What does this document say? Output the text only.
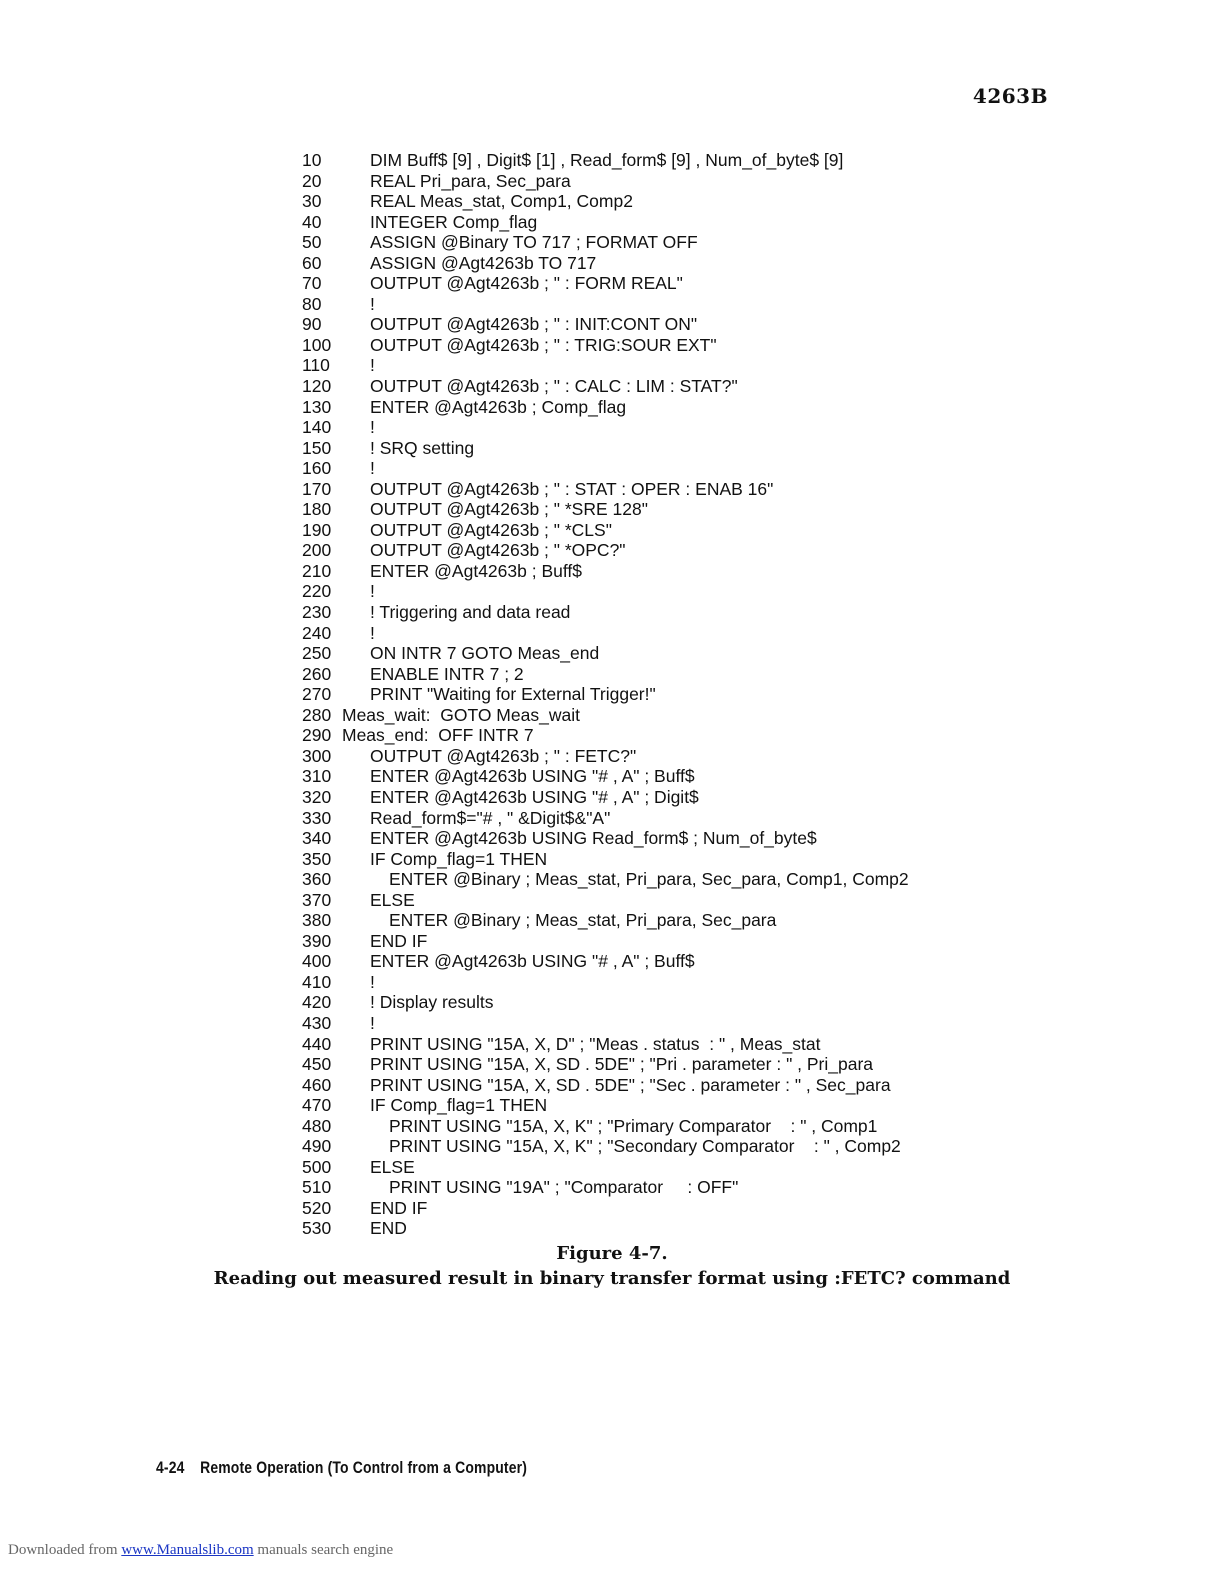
4263B
10	DIM Buff$ [9] , Digit$ [1] , Read_form$ [9] , Num_of_byte$ [9]
20	REAL Pri_para, Sec_para
30	REAL Meas_stat, Comp1, Comp2
40	INTEGER Comp_flag
50	ASSIGN @Binary TO 717 ; FORMAT OFF
60	ASSIGN @Agt4263b TO 717
70	OUTPUT @Agt4263b ; " : FORM REAL"
80	!
90	OUTPUT @Agt4263b ; " : INIT:CONT ON"
100 OUTPUT @Agt4263b ; " : TRIG:SOUR EXT"
110 !
120 OUTPUT @Agt4263b ; " : CALC : LIM : STAT?"
130 ENTER @Agt4263b ; Comp_flag
140 !
150 ! SRQ setting
160 !
170 OUTPUT @Agt4263b ; " : STAT : OPER : ENAB 16"
180 OUTPUT @Agt4263b ; " *SRE 128"
190 OUTPUT @Agt4263b ; " *CLS"
200 OUTPUT @Agt4263b ; " *OPC?"
210 ENTER @Agt4263b ; Buff$
220 !
230 ! Triggering and data read
240 !
250 ON INTR 7 GOTO Meas_end
260 ENABLE INTR 7 ; 2
270 PRINT "Waiting for External Trigger!"
280 Meas_wait:  GOTO Meas_wait
290 Meas_end:  OFF INTR 7
300 OUTPUT @Agt4263b ; " : FETC?"
310 ENTER @Agt4263b USING "# , A" ; Buff$
320 ENTER @Agt4263b USING "# , A" ; Digit$
330 Read_form$="# , " &Digit$&"A"
340 ENTER @Agt4263b USING Read_form$ ; Num_of_byte$
350 IF Comp_flag=1 THEN
360	ENTER @Binary ; Meas_stat, Pri_para, Sec_para, Comp1, Comp2
370 ELSE
380	ENTER @Binary ; Meas_stat, Pri_para, Sec_para
390 END IF
400 ENTER @Agt4263b USING "# , A" ; Buff$
410 !
420 ! Display results
430 !
440 PRINT USING "15A, X, D" ; "Meas . status  : " , Meas_stat
450 PRINT USING "15A, X, SD . 5DE" ; "Pri . parameter : " , Pri_para
460 PRINT USING "15A, X, SD . 5DE" ; "Sec . parameter : " , Sec_para
470 IF Comp_flag=1 THEN
480	PRINT USING "15A, X, K" ; "Primary Comparator    : " , Comp1
490	PRINT USING "15A, X, K" ; "Secondary Comparator    : " , Comp2
500 ELSE
510	PRINT USING "19A" ; "Comparator     : OFF"
520 END IF
530 END
Figure 4-7.
Reading out measured result in binary transfer format using :FETC? command
4-24 Remote Operation (To Control from a Computer)
Downloaded from www.Manualslib.com manuals search engine
